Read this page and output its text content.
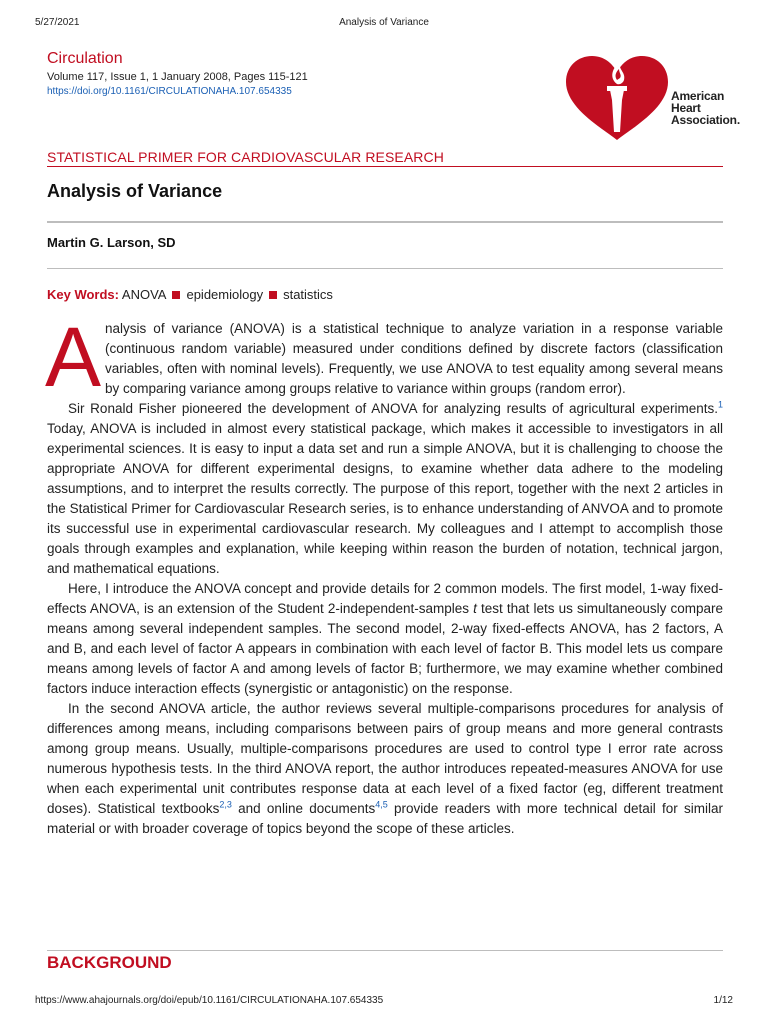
5/27/2021	Analysis of Variance
Circulation
Volume 117, Issue 1, 1 January 2008, Pages 115-121
https://doi.org/10.1161/CIRCULATIONAHA.107.654335	American
Heart
Association.
STATISTICAL PRIMER FOR CARDIOVASCULAR RESEARCH
Analysis of Variance
Martin G. Larson, SD
Key Words: ANOVA epidemiology statistics

Analysis of variance (ANOVA) is a statistical technique to analyze variation in a response variable (continuous random variable) measured under conditions defined by discrete factors (classification variables, often with nominal levels). Frequently, we use ANOVA to test equality among several means by comparing variance among groups relative to variance within groups (random error).

Sir Ronald Fisher pioneered the development of ANOVA for analyzing results of agricultural experiments.$^1$ Today, ANOVA is included in almost every statistical package, which makes it accessible to investigators in all experimental sciences. It is easy to input a data set and run a simple ANOVA, but it is challenging to choose the appropriate ANOVA for different experimental designs, to examine whether data adhere to the modeling assumptions, and to interpret the results correctly. The purpose of this report, together with the next 2 articles in the Statistical Primer for Cardiovascular Research series, is to enhance understanding of ANVOA and to promote its successful use in experimental cardiovascular research. My colleagues and I attempt to accomplish those goals through examples and explanation, while keeping within reason the burden of notation, technical jargon, and mathematical equations.

Here, I introduce the ANOVA concept and provide details for 2 common models. The first model, 1-way fixed-effects ANOVA, is an extension of the Student 2-independent-samples t test that lets us simultaneously compare means among several independent samples. The second model, 2-way fixed-effects ANOVA, has 2 factors, A and B, and each level of factor A appears in combination with each level of factor B. This model lets us compare means among levels of factor A and among levels of factor B; furthermore, we may examine whether combined factors induce interaction effects (synergistic or antagonistic) on the response.

In the second ANOVA article, the author reviews several multiple-comparisons procedures for analysis of differences among means, including comparisons between pairs of group means and more general contrasts among group means. Usually, multiple-comparisons procedures are used to control type I error rate across numerous hypothesis tests. In the third ANOVA report, the author introduces repeated-measures ANOVA for use when each experimental unit contributes response data at each level of a fixed factor (eg, different treatment doses). Statistical textbooks$^{2,3}$ and online documents$^{4,5}$ provide readers with more technical detail for similar material or with broader coverage of topics beyond the scope of these articles.

BACKGROUND
https://www.ahajournals.org/doi/epub/10.1161/CIRCULATIONAHA.107.654335	1/12
